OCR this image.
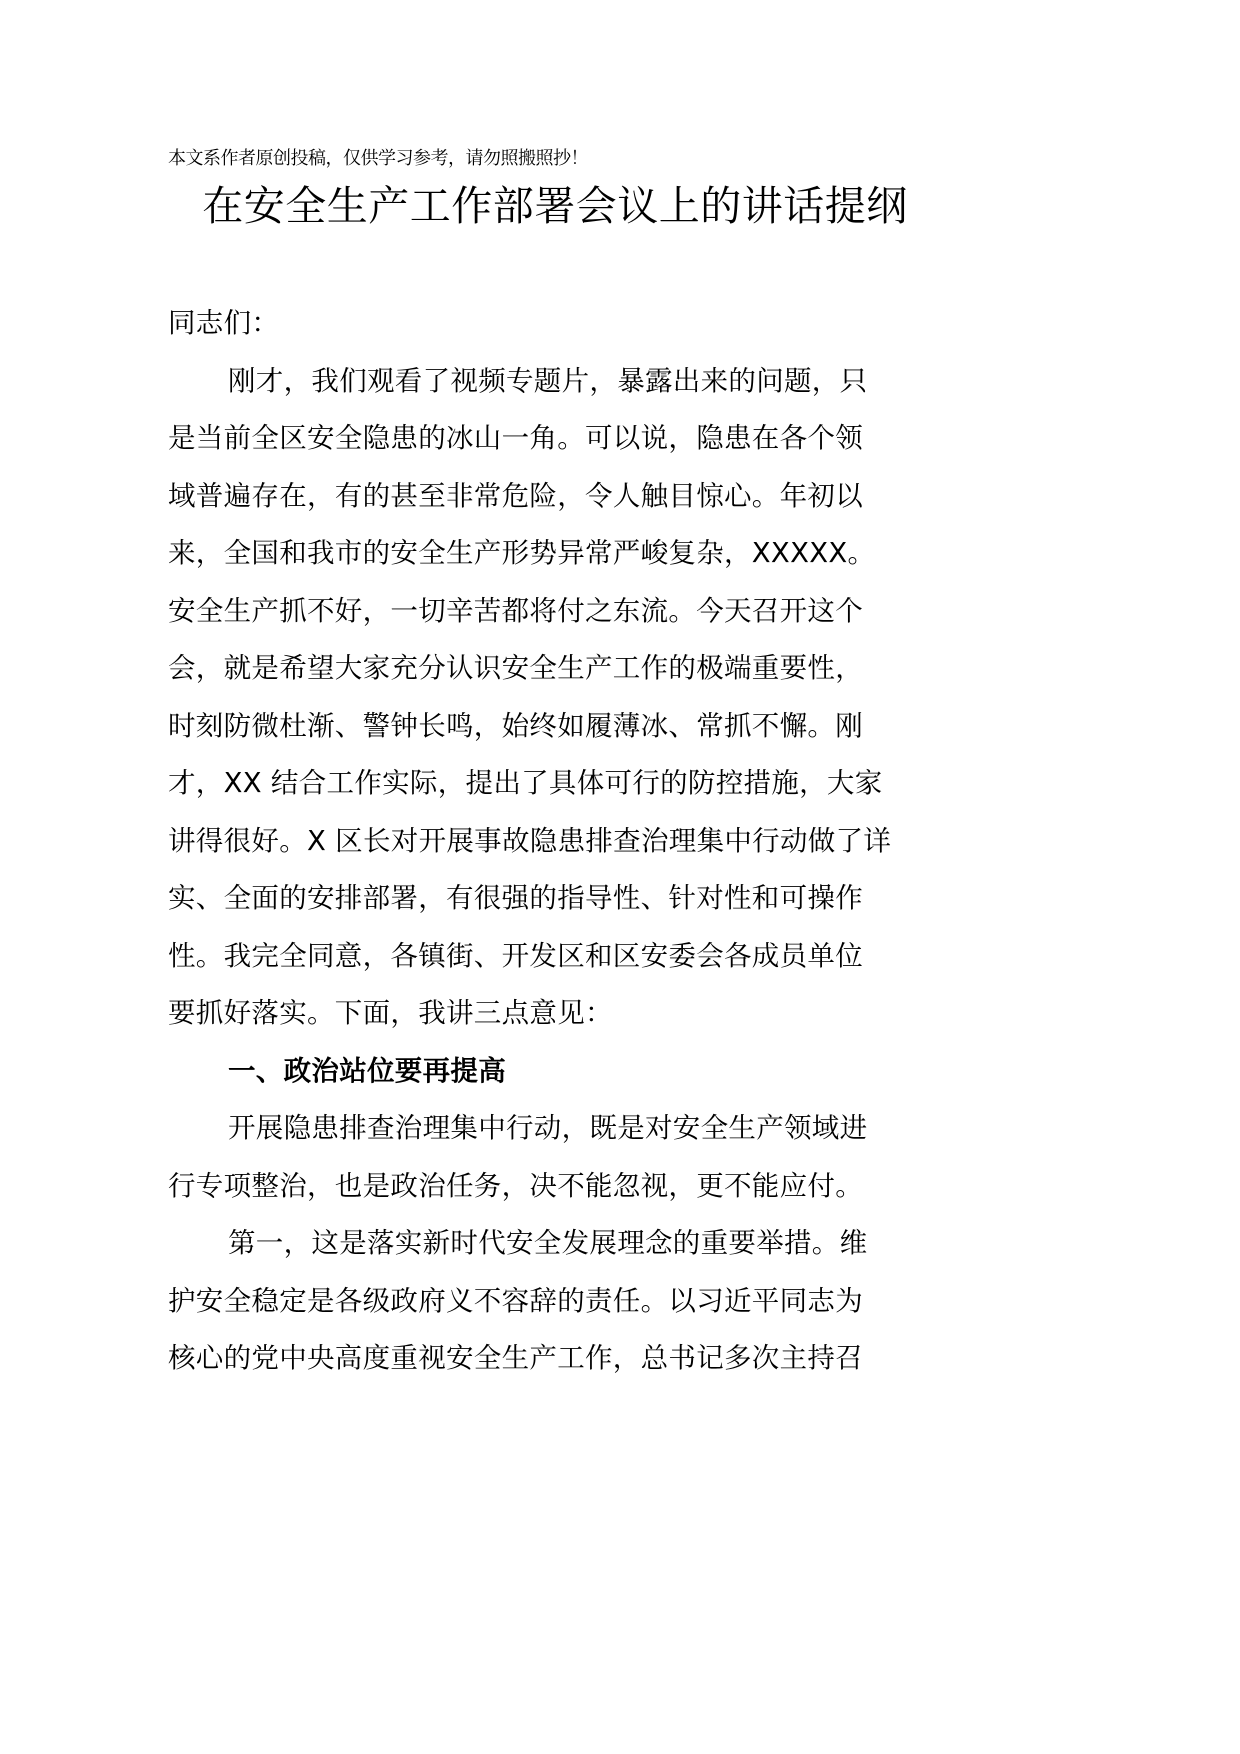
本文系作者原创投稿，仅供学习参考，请勿照搬照抄！
在安全生产工作部署会议上的讲话提纲
同志们：
刚才，我们观看了视频专题片，暴露出来的问题，只
是当前全区安全隐患的冰山一角。可以说，隐患在各个领
域普遍存在，有的甚至非常危险，令人触目惊心。年初以
来，全国和我市的安全生产形势异常严峻复杂，XXXXX。
安全生产抓不好，一切辛苦都将付之东流。今天召开这个
会，就是希望大家充分认识安全生产工作的极端重要性，
时刻防微杜渐、警钟长鸣，始终如履薄冰、常抓不懈。刚
才，XX 结合工作实际，提出了具体可行的防控措施，大家
讲得很好。X 区长对开展事故隐患排查治理集中行动做了详
实、全面的安排部署，有很强的指导性、针对性和可操作
性。我完全同意，各镇街、开发区和区安委会各成员单位
要抓好落实。下面，我讲三点意见：
一、政治站位要再提高
开展隐患排查治理集中行动，既是对安全生产领域进
行专项整治，也是政治任务，决不能忽视，更不能应付。
第一，这是落实新时代安全发展理念的重要举措。维
护安全稳定是各级政府义不容辞的责任。以习近平同志为
核心的党中央高度重视安全生产工作，总书记多次主持召
